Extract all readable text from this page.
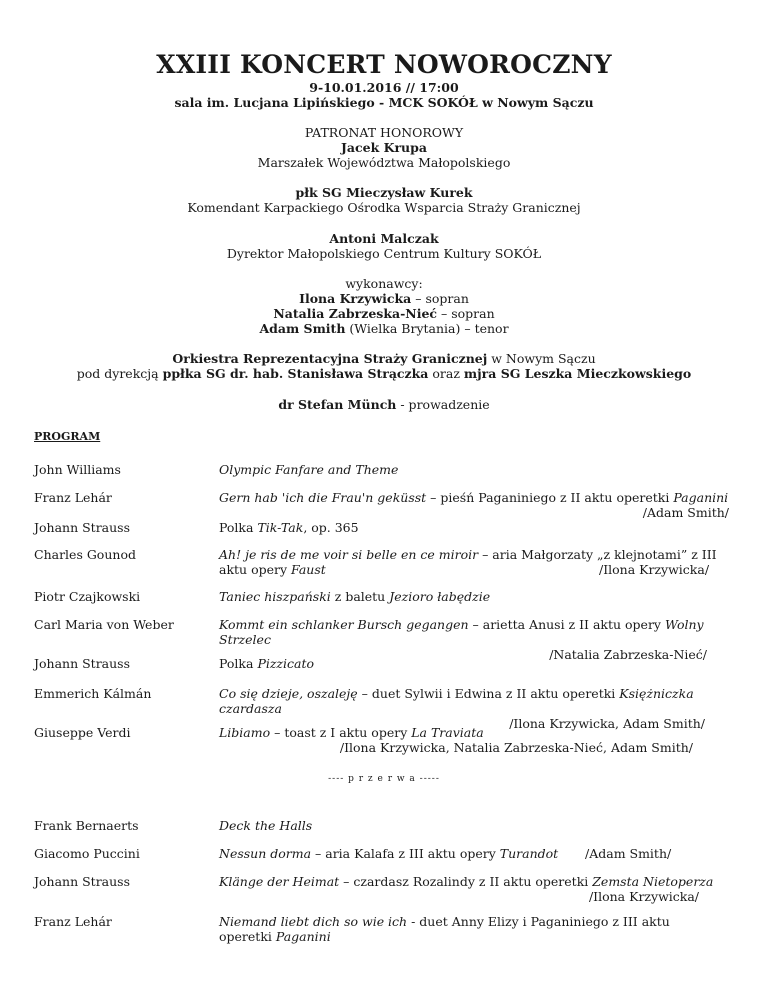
XXIII KONCERT NOWOROCZNY
9-10.01.2016 // 17:00
sala im. Lucjana Lipińskiego - MCK SOKÓŁ w Nowym Sączu
PATRONAT HONOROWY
Jacek Krupa
Marszałek Województwa Małopolskiego
płk SG Mieczysław Kurek
Komendant Karpackiego Ośrodka Wsparcia Straży Granicznej
Antoni Malczak
Dyrektor Małopolskiego Centrum Kultury SOKÓŁ
wykonawcy:
Ilona Krzywicka – sopran
Natalia Zabrzeska-Nieć – sopran
Adam Smith (Wielka Brytania) – tenor
Orkiestra Reprezentacyjna Straży Granicznej w Nowym Sączu
pod dyrekcją ppłka SG dr. hab. Stanisława Strączka oraz mjra SG Leszka Mieczkowskiego
dr Stefan Münch - prowadzenie
PROGRAM
John Williams	Olympic Fanfare and Theme
Franz Lehár	Gern hab 'ich die Frau'n geküsst – pieśń Paganiniego z II aktu operetki Paganini
/Adam Smith/
Johann Strauss	Polka Tik-Tak, op. 365
Charles Gounod	Ah! je ris de me voir si belle en ce miroir – aria Małgorzaty „z klejnotami” z III aktu opery Faust	/Ilona Krzywicka/
Piotr Czajkowski	Taniec hiszpański z baletu Jezioro łabędzie
Carl Maria von Weber	Kommt ein schlanker Bursch gegangen – arietta Anusi z II aktu opery Wolny Strzelec
/Natalia Zabrzeska-Nieć/
Johann Strauss	Polka Pizzicato
Emmerich Kálmán	Co się dzieje, oszaleję – duet Sylwii i Edwina z II aktu operetki Księżniczka czardasza
/Ilona Krzywicka, Adam Smith/
Giuseppe Verdi	Libiamo – toast z I aktu opery La Traviata
/Ilona Krzywicka, Natalia Zabrzeska-Nieć, Adam Smith/
---- p r z e r w a -----
Frank Bernaerts	Deck the Halls
Giacomo Puccini	Nessun dorma – aria Kalafa z III aktu opery Turandot /Adam Smith/
Johann Strauss	Klänge der Heimat – czardasz Rozalindy z II aktu operetki Zemsta Nietoperza
/Ilona Krzywicka/
Franz Lehár	Niemand liebt dich so wie ich - duet Anny Elizy i Paganiniego z III aktu operetki Paganini
